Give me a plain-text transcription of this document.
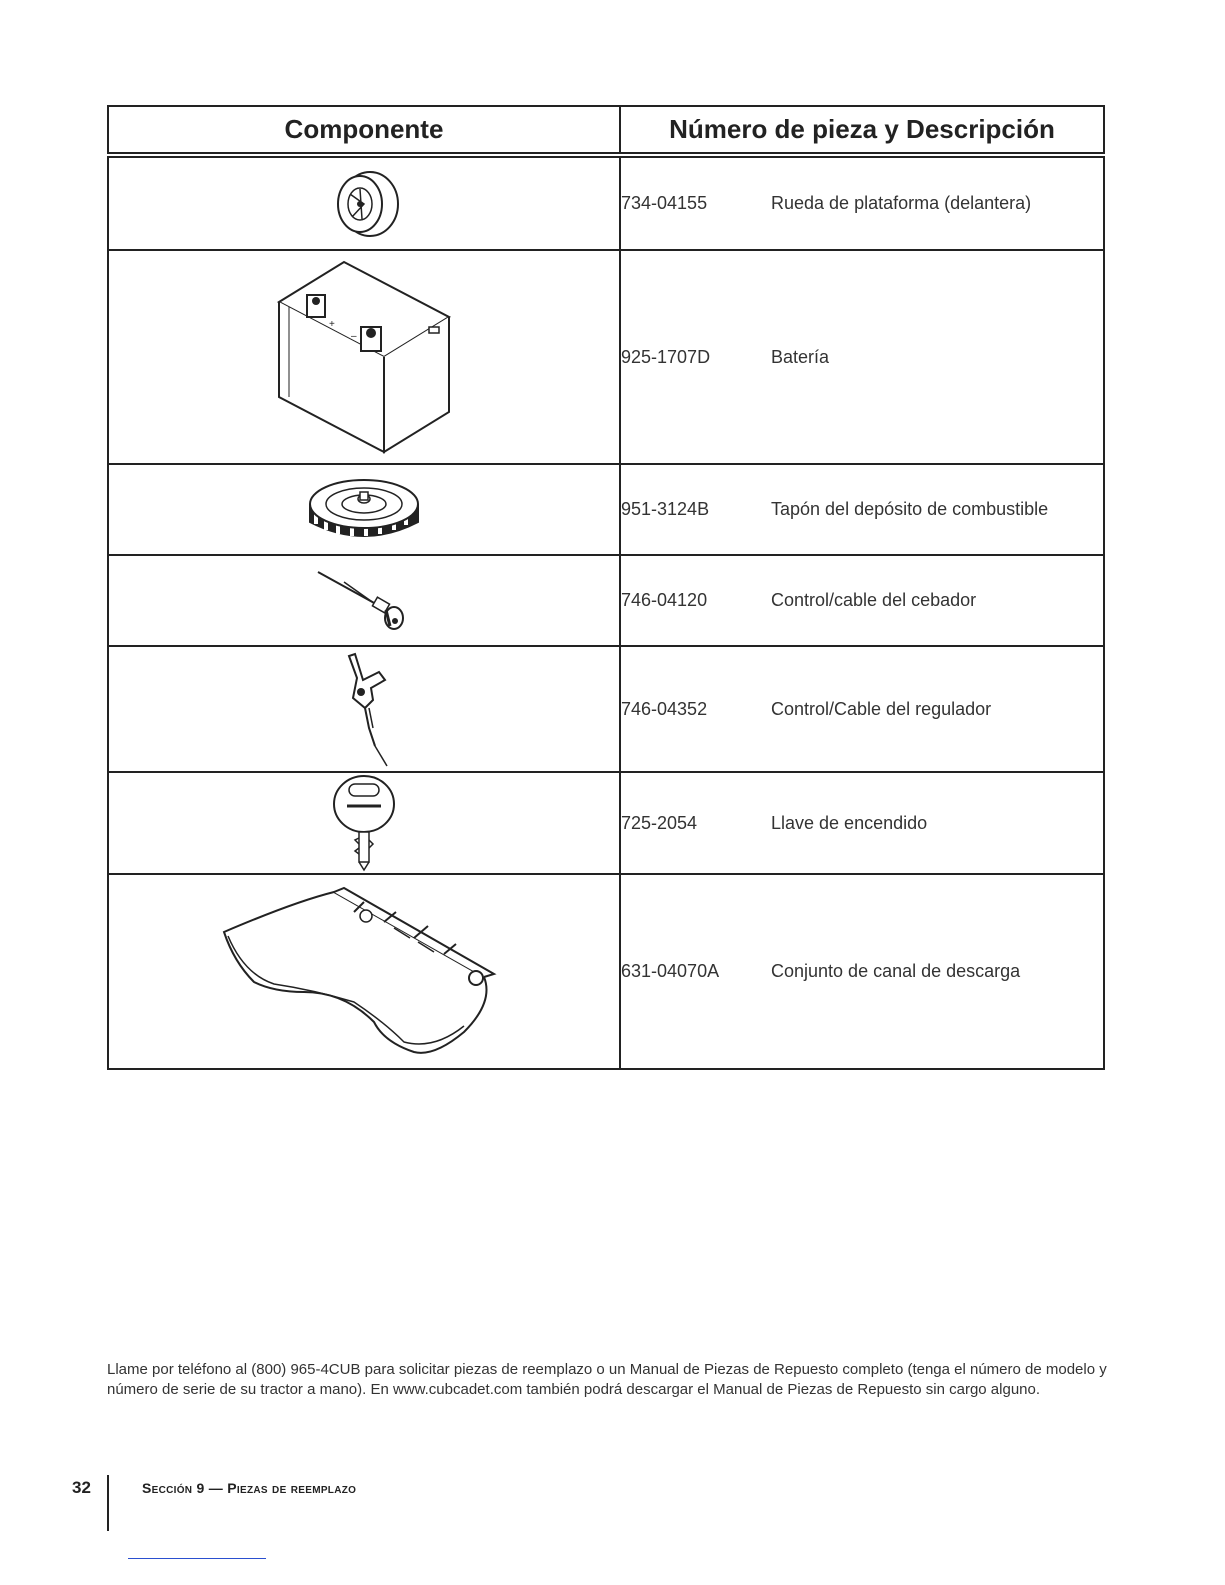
Componente	Número de pieza y Descripción

	734-04155 Rueda de plataforma (delantera)

+
–	925-1707D Batería

	951-3124B Tapón del depósito de combustible

	746-04120 Control/cable del cebador

	746-04352 Control/Cable del regulador

	725-2054 Llave de encendido

	631-04070A Conjunto de canal de descarga

Llame por teléfono al (800) 965-4CUB para solicitar piezas de reemplazo o un Manual de Piezas de Repuesto completo (tenga el número de modelo y número de serie de su tractor a mano). En www.cubcadet.com también podrá descargar el Manual de Piezas de Repuesto sin cargo alguno.

32	Sección 9 — Piezas de reemplazo
